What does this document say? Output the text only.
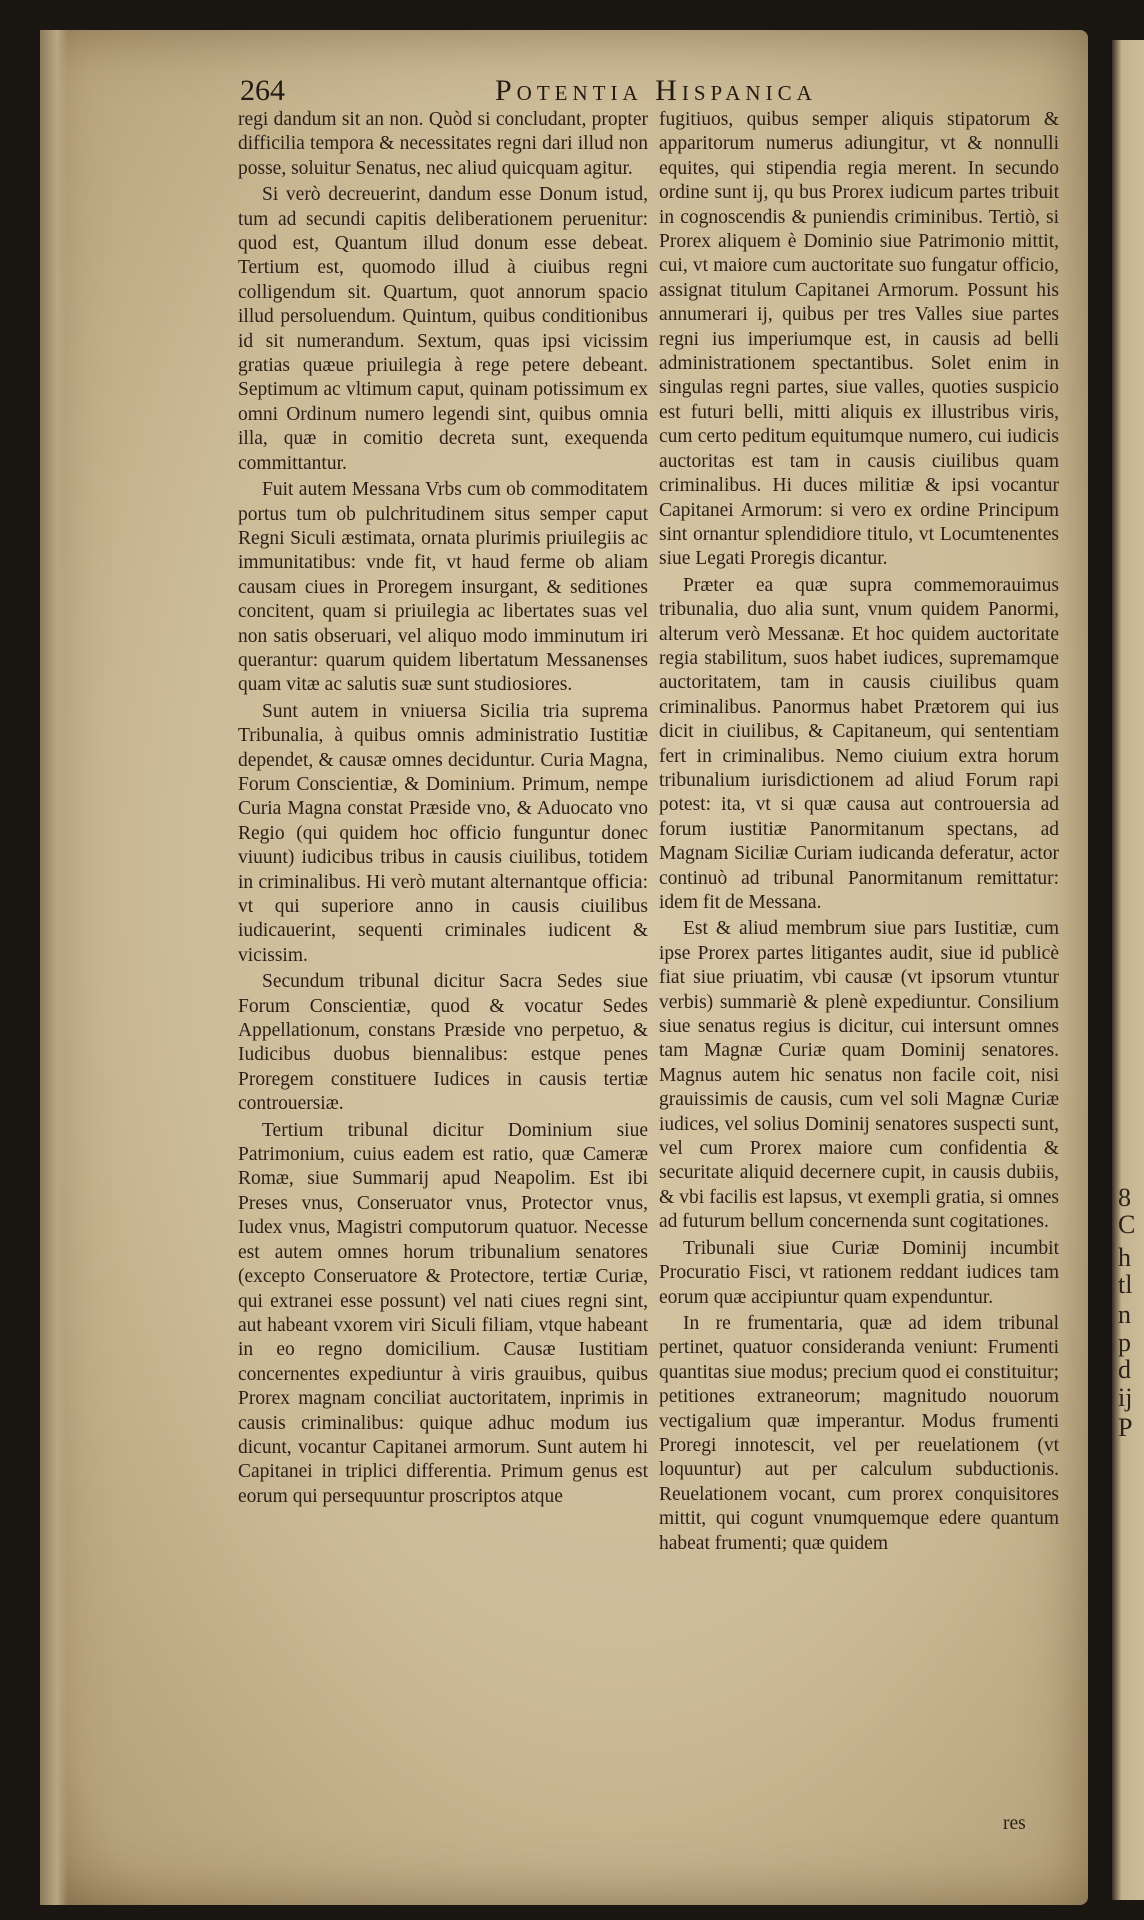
8
C
h
tl
n
p
d
ij
P
264	Potentia Hispanica

regi dandum sit an non. Quòd si concludant, propter difficilia tempora & necessitates regni dari illud non posse, soluitur Senatus, nec aliud quicquam agitur.

Si verò decreuerint, dandum esse Donum istud, tum ad secundi capitis deliberationem peruenitur: quod est, Quantum illud donum esse debeat. Tertium est, quomodo illud à ciuibus regni colligendum sit. Quartum, quot annorum spacio illud persoluendum. Quintum, quibus conditionibus id sit numerandum. Sextum, quas ipsi vicissim gratias quæue priuilegia à rege petere debeant. Septimum ac vltimum caput, quinam potissimum ex omni Ordinum numero legendi sint, quibus omnia illa, quæ in comitio decreta sunt, exequenda committantur.

Fuit autem Messana Vrbs cum ob commoditatem portus tum ob pulchritudinem situs semper caput Regni Siculi æstimata, ornata plurimis priuilegiis ac immunitatibus: vnde fit, vt haud ferme ob aliam causam ciues in Proregem insurgant, & seditiones concitent, quam si priuilegia ac libertates suas vel non satis obseruari, vel aliquo modo imminutum iri querantur: quarum quidem libertatum Messanenses quam vitæ ac salutis suæ sunt studiosiores.

Sunt autem in vniuersa Sicilia tria suprema Tribunalia, à quibus omnis administratio Iustitiæ dependet, & causæ omnes deciduntur. Curia Magna, Forum Conscientiæ, & Dominium. Primum, nempe Curia Magna constat Præside vno, & Aduocato vno Regio (qui quidem hoc officio funguntur donec viuunt) iudicibus tribus in causis ciuilibus, totidem in criminalibus. Hi verò mutant alternantque officia: vt qui superiore anno in causis ciuilibus iudicauerint, sequenti criminales iudicent & vicissim.

Secundum tribunal dicitur Sacra Sedes siue Forum Conscientiæ, quod & vocatur Sedes Appellationum, constans Præside vno perpetuo, & Iudicibus duobus biennalibus: estque penes Proregem constituere Iudices in causis tertiæ controuersiæ.

Tertium tribunal dicitur Dominium siue Patrimonium, cuius eadem est ratio, quæ Cameræ Romæ, siue Summarij apud Neapolim. Est ibi Preses vnus, Conseruator vnus, Protector vnus, Iudex vnus, Magistri computorum quatuor. Necesse est autem omnes horum tribunalium senatores (excepto Conseruatore & Protectore, tertiæ Curiæ, qui extranei esse possunt) vel nati ciues regni sint, aut habeant vxorem viri Siculi filiam, vtque habeant in eo regno domicilium. Causæ Iustitiam concernentes expediuntur à viris grauibus, quibus Prorex magnam conciliat auctoritatem, inprimis in causis criminalibus: quique adhuc modum ius dicunt, vocantur Capitanei armorum. Sunt autem hi Capitanei in triplici differentia. Primum genus est eorum qui persequuntur proscriptos atque

fugitiuos, quibus semper aliquis stipatorum & apparitorum numerus adiungitur, vt & nonnulli equites, qui stipendia regia merent. In secundo ordine sunt ij, qu bus Prorex iudicum partes tribuit in cognoscendis & puniendis criminibus. Tertiò, si Prorex aliquem è Dominio siue Patrimonio mittit, cui, vt maiore cum auctoritate suo fungatur officio, assignat titulum Capitanei Armorum. Possunt his annumerari ij, quibus per tres Valles siue partes regni ius imperiumque est, in causis ad belli administrationem spectantibus. Solet enim in singulas regni partes, siue valles, quoties suspicio est futuri belli, mitti aliquis ex illustribus viris, cum certo peditum equitumque numero, cui iudicis auctoritas est tam in causis ciuilibus quam criminalibus. Hi duces militiæ & ipsi vocantur Capitanei Armorum: si vero ex ordine Principum sint ornantur splendidiore titulo, vt Locumtenentes siue Legati Proregis dicantur.

Præter ea quæ supra commemorauimus tribunalia, duo alia sunt, vnum quidem Panormi, alterum verò Messanæ. Et hoc quidem auctoritate regia stabilitum, suos habet iudices, supremamque auctoritatem, tam in causis ciuilibus quam criminalibus. Panormus habet Prætorem qui ius dicit in ciuilibus, & Capitaneum, qui sententiam fert in criminalibus. Nemo ciuium extra horum tribunalium iurisdictionem ad aliud Forum rapi potest: ita, vt si quæ causa aut controuersia ad forum iustitiæ Panormitanum spectans, ad Magnam Siciliæ Curiam iudicanda deferatur, actor continuò ad tribunal Panormitanum remittatur: idem fit de Messana.

Est & aliud membrum siue pars Iustitiæ, cum ipse Prorex partes litigantes audit, siue id publicè fiat siue priuatim, vbi causæ (vt ipsorum vtuntur verbis) summariè & plenè expediuntur. Consilium siue senatus regius is dicitur, cui intersunt omnes tam Magnæ Curiæ quam Dominij senatores. Magnus autem hic senatus non facile coit, nisi grauissimis de causis, cum vel soli Magnæ Curiæ iudices, vel solius Dominij senatores suspecti sunt, vel cum Prorex maiore cum confidentia & securitate aliquid decernere cupit, in causis dubiis, & vbi facilis est lapsus, vt exempli gratia, si omnes ad futurum bellum concernenda sunt cogitationes.

Tribunali siue Curiæ Dominij incumbit Procuratio Fisci, vt rationem reddant iudices tam eorum quæ accipiuntur quam expenduntur.

In re frumentaria, quæ ad idem tribunal pertinet, quatuor consideranda veniunt: Frumenti quantitas siue modus; precium quod ei constituitur; petitiones extraneorum; magnitudo nouorum vectigalium quæ imperantur. Modus frumenti Proregi innotescit, vel per reuelationem (vt loquuntur) aut per calculum subductionis. Reuelationem vocant, cum prorex conquisitores mittit, qui cogunt vnumquemque edere quantum habeat frumenti; quæ quidem

res
